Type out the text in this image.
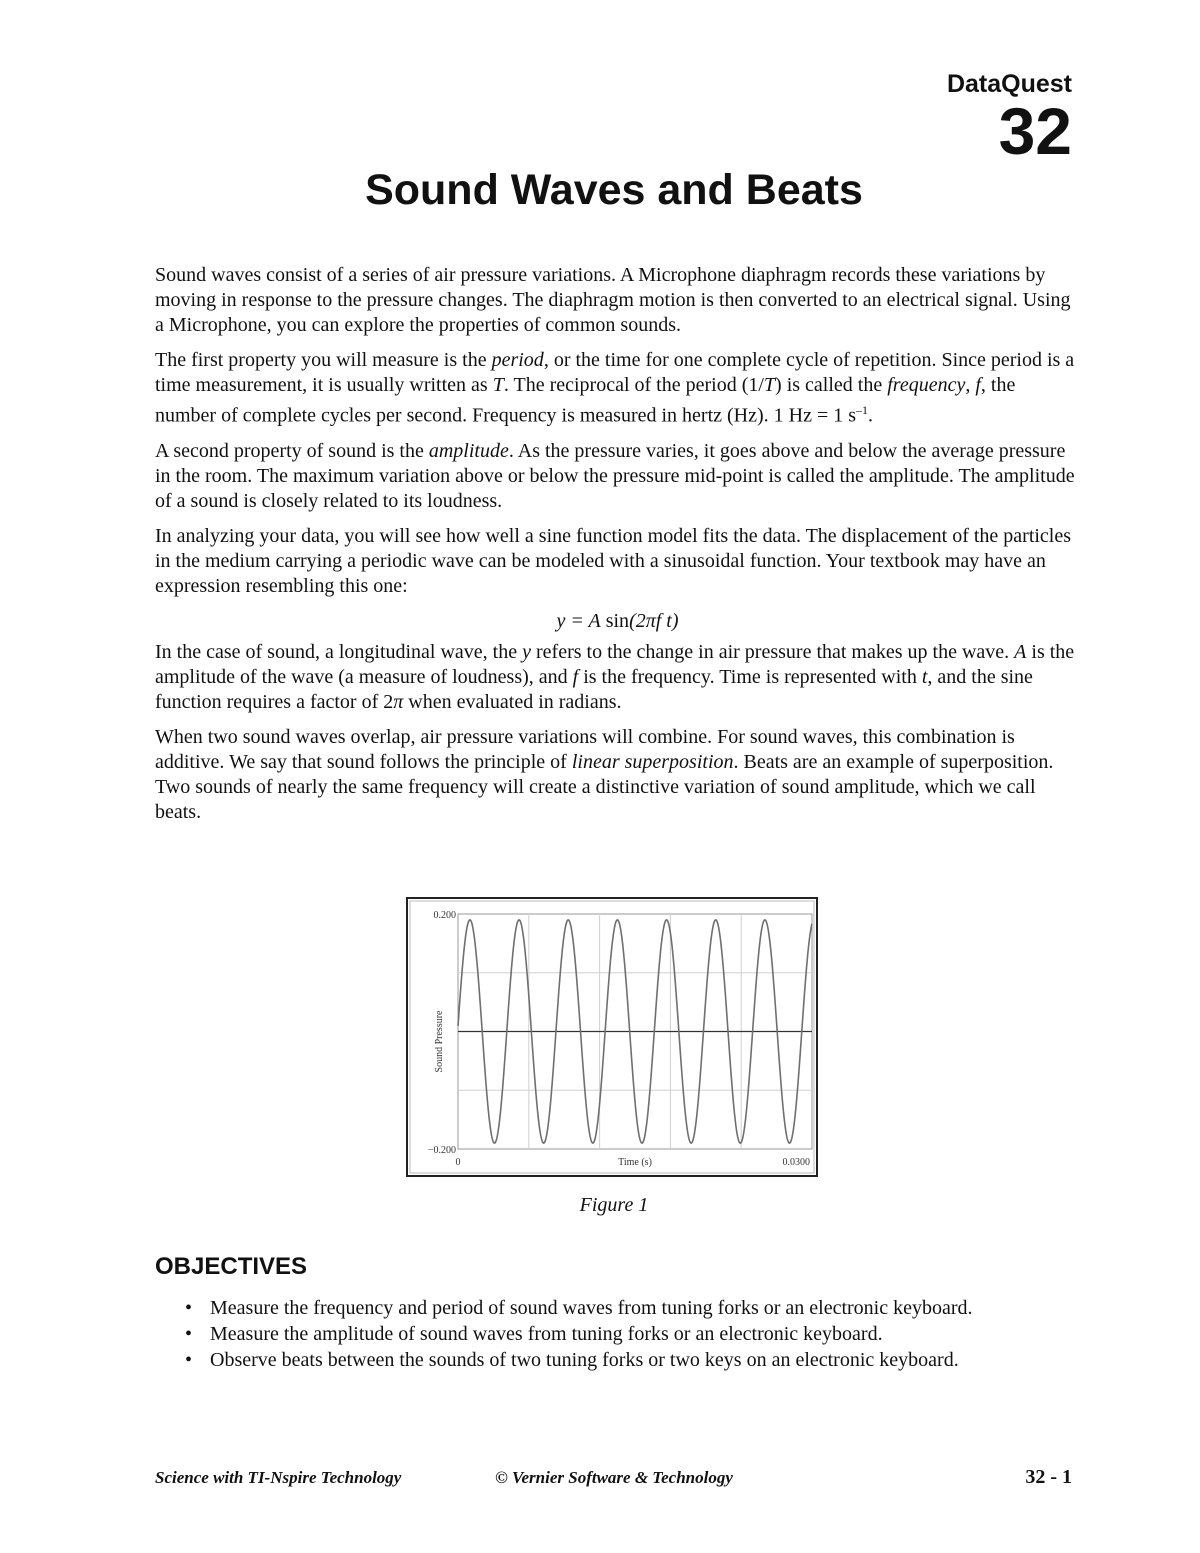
DataQuest
32
Sound Waves and Beats

Sound waves consist of a series of air pressure variations. A Microphone diaphragm records these variations by moving in response to the pressure changes. The diaphragm motion is then converted to an electrical signal. Using a Microphone, you can explore the properties of common sounds.

The first property you will measure is the period, or the time for one complete cycle of repetition. Since period is a time measurement, it is usually written as T. The reciprocal of the period (1/T) is called the frequency, f, the number of complete cycles per second. Frequency is measured in hertz (Hz). 1 Hz = 1 $s^{-1}$.

A second property of sound is the amplitude. As the pressure varies, it goes above and below the average pressure in the room. The maximum variation above or below the pressure mid-point is called the amplitude. The amplitude of a sound is closely related to its loudness.

In analyzing your data, you will see how well a sine function model fits the data. The displacement of the particles in the medium carrying a periodic wave can be modeled with a sinusoidal function. Your textbook may have an expression resembling this one:

y = A sin(2πf t)

In the case of sound, a longitudinal wave, the y refers to the change in air pressure that makes up the wave. A is the amplitude of the wave (a measure of loudness), and f is the frequency. Time is represented with t, and the sine function requires a factor of 2π when evaluated in radians.

When two sound waves overlap, air pressure variations will combine. For sound waves, this combination is additive. We say that sound follows the principle of linear superposition. Beats are an example of superposition. Two sounds of nearly the same frequency will create a distinctive variation of sound amplitude, which we call beats.

0.200
−0.200
0	0.0300
Time (s)
Sound Pressure
Figure 1
OBJECTIVES
• Measure the frequency and period of sound waves from tuning forks or an electronic keyboard.
• Measure the amplitude of sound waves from tuning forks or an electronic keyboard.
• Observe beats between the sounds of two tuning forks or two keys on an electronic keyboard.
Science with TI-Nspire Technology	© Vernier Software & Technology	32 - 1
